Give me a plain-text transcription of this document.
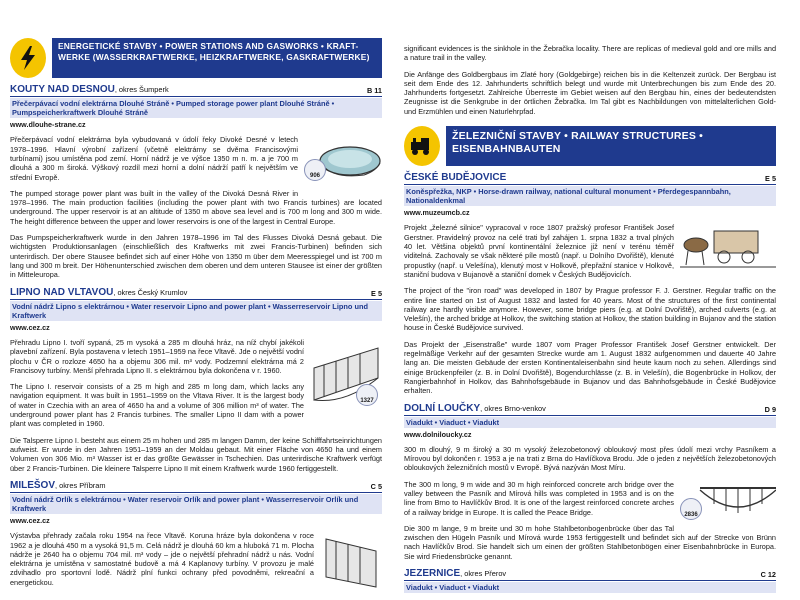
ENERGETICKÉ STAVBY • POWER STATIONS AND GASWORKS • KRAFT-
WERKE (WASSERKRAFTWERKE, HEIZKRAFTWERKE, GASKRAFTWERKE)
KOUTY NAD DESNOU, okres Šumperk	B 11
Přečerpávací vodní elektrárna Dlouhé Stráně • Pumped storage power plant Dlouhé Stráně • Pumpspeicherkraftwerk Dlouhé Stráně
www.dlouhe-strane.cz
906

Přečerpávací vodní elektrárna byla vybudovaná v údolí řeky Divoké Desné v letech 1978–1996. Hlavní výrobní zařízení (včetně elektrárny se dvěma Francisovými turbínami) jsou umístěna pod zemí. Horní nádrž je ve výšce 1350 m n. m. a je 700 m dlouhá a 300 m široká. Výškový rozdíl mezi horní a dolní nádrží patří k největším ve střední Evropě.

The pumped storage power plant was built in the valley of the Divoká Desná River in 1978–1996. The main production facilities (including the power plant with two Francis turbines) are located underground. The upper reservoir is at an altitude of 1350 m above sea level and is 700 m long and 300 m wide. The height difference between the upper and lower reservoirs is one of the largest in Central Europe.

Das Pumpspeicherkraftwerk wurde in den Jahren 1978–1996 im Tal des Flusses Divoká Desná gebaut. Die wichtigsten Produktionsanlagen (einschließlich des Kraftwerks mit zwei Francis-Turbinen) befinden sich unterirdisch. Der obere Stausee befindet sich auf einer Höhe von 1350 m über dem Meeresspiegel und ist 700 m lang und 300 m breit. Der Höhenunterschied zwischen dem oberen und dem unteren Stausee ist einer der größten in Mitteleuropa.

LIPNO NAD VLTAVOU, okres Český Krumlov	E 5
Vodní nádrž Lipno s elektrárnou • Water reservoir Lipno and power plant • Wasserreservoir Lipno und Kraftwerk
www.cez.cz
1327

Přehradu Lipno I. tvoří sypaná, 25 m vysoká a 285 m dlouhá hráz, na níž chybí jakékoli plavební zařízení. Byla postavena v letech 1951–1959 na řece Vltavě. Jde o největší vodní plochu v ČR o rozloze 4650 ha a objemu 306 mil. m³ vody. Podzemní elektrárna má 2 Francisovy turbíny. Menší přehrada Lipno II. s elektrárnou byla dokončena v r. 1960.

The Lipno I. reservoir consists of a 25 m high and 285 m long dam, which lacks any navigation equipment. It was built in 1951–1959 on the Vltava River. It is the largest body of water in Czechia with an area of 4650 ha and a volume of 306 million m³ of water. The underground power plant has 2 Francis turbines. The smaller Lipno II dam with a power plant was completed in 1960.

Die Talsperre Lipno I. besteht aus einem 25 m hohen und 285 m langen Damm, der keine Schifffahrtseinrichtungen aufweist. Er wurde in den Jahren 1951–1959 an der Moldau gebaut. Mit einer Fläche von 4650 ha und einem Volumen von 306 Mio. m³ Wasser ist er das größte Gewässer in Tschechien. Das unterirdische Kraftwerk verfügt über 2 Francis-Turbinen. Die kleinere Talsperre Lipno II mit einem Kraftwerk wurde 1960 fertiggestellt.

MILEŠOV, okres Příbram	C 5
Vodní nádrž Orlík s elektrárnou • Water reservoir Orlík and power plant • Wasserreservoir Orlík und Kraftwerk
www.cez.cz

Výstavba přehrady začala roku 1954 na řece Vltavě. Koruna hráze byla dokončena v roce 1962 a je dlouhá 450 m a vysoká 91,5 m. Celá nádrž je dlouhá 60 km a hluboká 71 m. Plocha nádrže je 2640 ha o objemu 704 mil. m³ vody – jde o největší přehradní nádrž u nás. Vodní elektrárna je umístěna v samostatné budově a má 4 Kaplanovy turbíny. V provozu je malé zdvihadlo pro sportovní lodě. Nádrž plní funkci ochrany před povodněmi, rekreační a energetickou.

significant evidences is the sinkhole in the Žebračka locality. There are replicas of medieval gold and ore mills and a nature trail in the valley.

Die Anfänge des Goldbergbaus im Zlaté hory (Goldgebirge) reichen bis in die Keltenzeit zurück. Der Bergbau ist seit dem Ende des 12. Jahrhunderts schriftlich belegt und wurde mit Unterbrechungen bis zum Ende des 20. Jahrhunderts fortgesetzt. Zahlreiche Überreste im Gebiet weisen auf den Bergbau hin, eines der bedeutendsten Zeugnisse ist die Senkgrube in der örtlichen Žebračka. Im Tal gibt es Nachbildungen von mittelalterlichen Gold- und Erzmühlen und einen Naturlehrpfad.

ŽELEZNIČNÍ STAVBY • RAILWAY STRUCTURES •
EISENBAHNBAUTEN
ČESKÉ BUDĚJOVICE	E 5
Koněspřežka, NKP • Horse-drawn railway, national cultural monument • Pferdegespannbahn, Nationaldenkmal
www.muzeumcb.cz

Projekt „železné silnice" vypracoval v roce 1807 pražský profesor František Josef Gerstner. Pravidelný provoz na celé trati byl zahájen 1. srpna 1832 a trval plných 40 let. Většina objektů první kontinentální železnice již není v terénu téměř viditelná. Zachovaly se však některé píle mostů (např. u Dolního Dvořiště), klenuté propustky (např. u Velešína), klenutý most v Holkově, přepřažní stanice v Holkově, staniční budova v Bujanově a staniční domek v Českých Budějovicích.

The project of the "iron road" was developed in 1807 by Prague professor F. J. Gerstner. Regular traffic on the entire line started on 1st of August 1832 and lasted for 40 years. Most of the structures of the first continental railway are hardly visible anymore. However, some bridge piers (e.g. at Dolní Dvořiště), arched culverts (e.g. at Velešín), the arched bridge at Holkov, the switching station at Holkov, the station building in Bujanov and the station house in České Budějovice survived.

Das Projekt der „Eisenstraße" wurde 1807 vom Prager Professor František Josef Gerstner entwickelt. Der regelmäßige Verkehr auf der gesamten Strecke wurde am 1. August 1832 aufgenommen und dauerte 40 Jahre lang an. Die meisten Gebäude der ersten Kontinentaleisenbahn sind heute kaum noch zu sehen. Allerdings sind einige Brückenpfeiler (z. B. in Dolní Dvořiště), Bogendurchlässe (z. B. in Velešín), die Bogenbrücke in Holkov, der Rangierbahnhof in Holkov, das Bahnhofsgebäude in Bujanov und das Bahnhofsgebäude in České Budějovice erhalten.

DOLNÍ LOUČKY, okres Brno-venkov	D 9
Viadukt • Viaduct • Viadukt
www.dolniloucky.cz

300 m dlouhý, 9 m široký a 30 m vysoký železobetonový obloukový most přes údolí mezi vrchy Pasníkem a Mírovou byl dokončen r. 1953 a je na trati z Brna do Havlíčkova Brodu. Jde o jeden z největších železobetonových obloukových železničních mostů v Evropě. Bývá nazýván Most Míru.

2836

The 300 m long, 9 m wide and 30 m high reinforced concrete arch bridge over the valley between the Pasník and Mírová hills was completed in 1953 and is on the line from Brno to Havlíčkův Brod. It is one of the largest reinforced concrete arches of a railway bridge in Europe. It is called the Peace Bridge.

Die 300 m lange, 9 m breite und 30 m hohe Stahlbetonbogenbrücke über das Tal zwischen den Hügeln Pasník und Mírová wurde 1953 fertiggestellt und befindet sich auf der Strecke von Brünn nach Havlíčkův Brod. Sie handelt sich um einen der größten Stahlbetonbögen einer Eisenbahnbrücke in Europa. Sie wird Friedensbrücke genannt.

JEZERNICE, okres Přerov	C 12
Viadukt • Viaduct • Viadukt
